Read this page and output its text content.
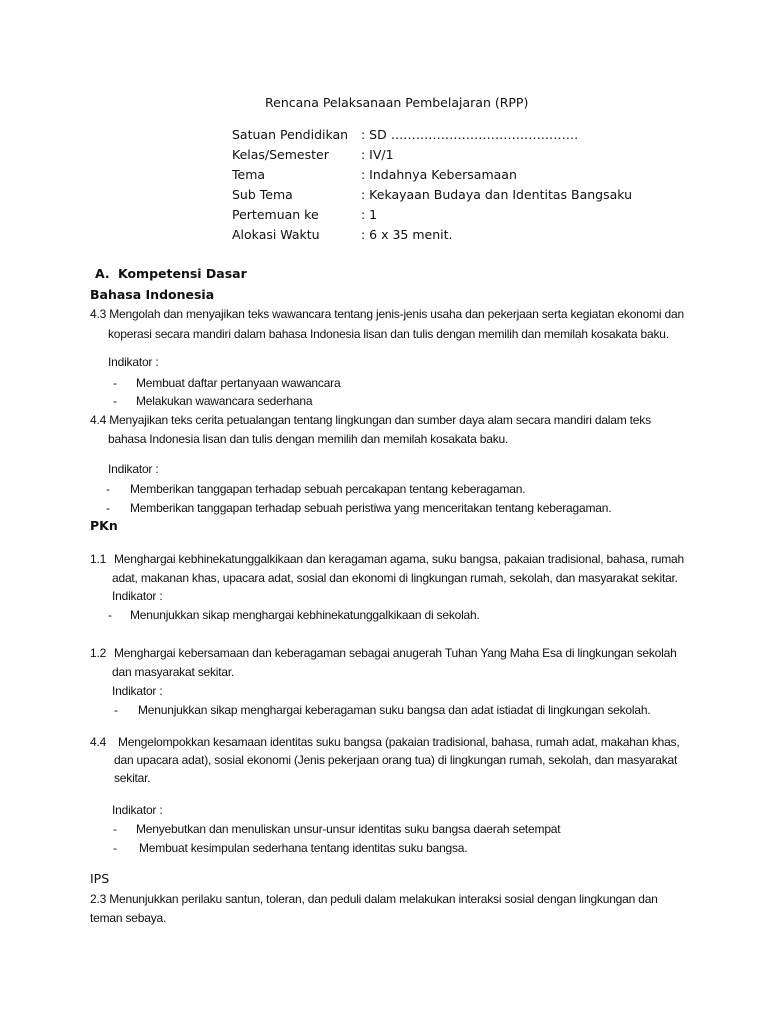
Rencana Pelaksanaan Pembelajaran (RPP)
Satuan Pendidikan : SD ………………………………………
Kelas/Semester	: IV/1
Tema	: Indahnya Kebersamaan
Sub Tema	: Kekayaan Budaya dan Identitas Bangsaku
Pertemuan ke	: 1
Alokasi Waktu	: 6 x 35 menit.
A. Kompetensi Dasar
Bahasa Indonesia
4.3 Mengolah dan menyajikan teks wawancara tentang jenis-jenis usaha dan pekerjaan serta kegiatan ekonomi dan
koperasi secara mandiri dalam bahasa Indonesia lisan dan tulis dengan memilih dan memilah kosakata baku.
Indikator :
- Membuat daftar pertanyaan wawancara
- Melakukan wawancara sederhana
4.4 Menyajikan teks cerita petualangan tentang lingkungan dan sumber daya alam secara mandiri dalam teks
bahasa Indonesia lisan dan tulis dengan memilih dan memilah kosakata baku.
Indikator :
- Memberikan tanggapan terhadap sebuah percakapan tentang keberagaman.
- Memberikan tanggapan terhadap sebuah peristiwa yang menceritakan tentang keberagaman.
PKn
1.1 Menghargai kebhinekatunggalkikaan dan keragaman agama, suku bangsa, pakaian tradisional, bahasa, rumah
adat, makanan khas, upacara adat, sosial dan ekonomi di lingkungan rumah, sekolah, dan masyarakat sekitar.
Indikator :
- Menunjukkan sikap menghargai kebhinekatunggalkikaan di sekolah.
1.2 Menghargai kebersamaan dan keberagaman sebagai anugerah Tuhan Yang Maha Esa di lingkungan sekolah
dan masyarakat sekitar.
Indikator :
- Menunjukkan sikap menghargai keberagaman suku bangsa dan adat istiadat di lingkungan sekolah.
4.4 Mengelompokkan kesamaan identitas suku bangsa (pakaian tradisional, bahasa, rumah adat, makahan khas,
dan upacara adat), sosial ekonomi (Jenis pekerjaan orang tua) di lingkungan rumah, sekolah, dan masyarakat
sekitar.
Indikator :
- Menyebutkan dan menuliskan unsur-unsur identitas suku bangsa daerah setempat
- Membuat kesimpulan sederhana tentang identitas suku bangsa.
IPS
2.3 Menunjukkan perilaku santun, toleran, dan peduli dalam melakukan interaksi sosial dengan lingkungan dan
teman sebaya.
